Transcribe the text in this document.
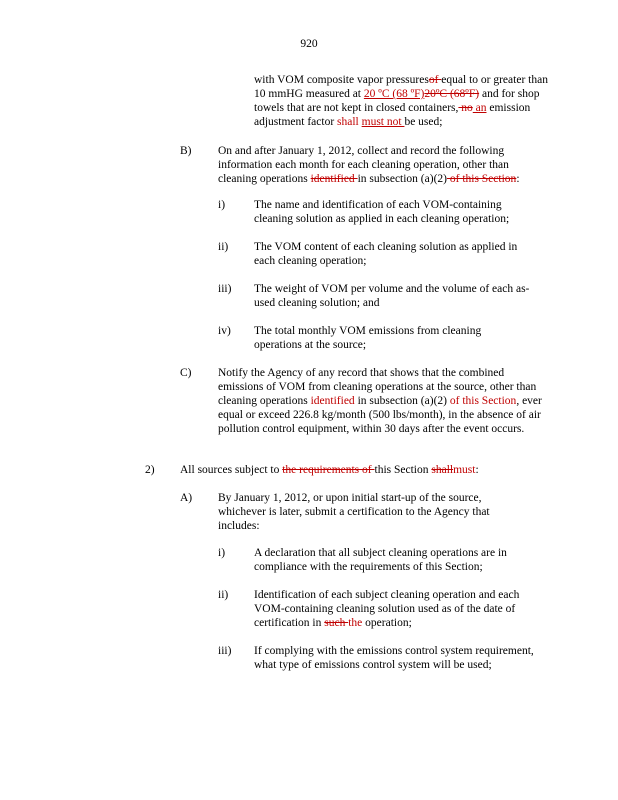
920
with VOM composite vapor pressuresof equal to or greater than 10 mmHG measured at 20 ºC (68 ºF)20ºC (68ºF) and for shop towels that are not kept in closed containers, no an emission adjustment factor shall must not be used;
B) On and after January 1, 2012, collect and record the following information each month for each cleaning operation, other than cleaning operations identified in subsection (a)(2) of this Section:
i)	The name and identification of each VOM-containing cleaning solution as applied in each cleaning operation;
ii) The VOM content of each cleaning solution as applied in each cleaning operation;
iii) The weight of VOM per volume and the volume of each as-used cleaning solution; and
iv) The total monthly VOM emissions from cleaning operations at the source;
C) Notify the Agency of any record that shows that the combined emissions of VOM from cleaning operations at the source, other than cleaning operations identified in subsection (a)(2) of this Section, ever equal or exceed 226.8 kg/month (500 lbs/month), in the absence of air pollution control equipment, within 30 days after the event occurs.
2) All sources subject to the requirements of this Section shallmust:
A) By January 1, 2012, or upon initial start-up of the source, whichever is later, submit a certification to the Agency that includes:
i)	A declaration that all subject cleaning operations are in compliance with the requirements of this Section;
ii) Identification of each subject cleaning operation and each VOM-containing cleaning solution used as of the date of certification in such the operation;
iii) If complying with the emissions control system requirement, what type of emissions control system will be used;
